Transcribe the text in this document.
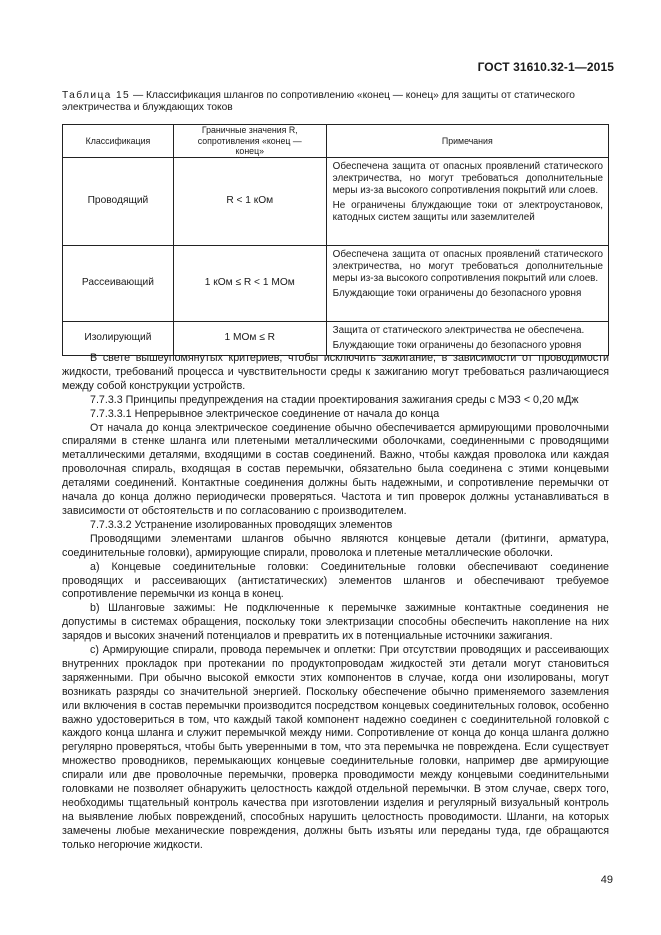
ГОСТ 31610.32-1—2015
Таблица 15 — Классификация шлангов по сопротивлению «конец — конец» для защиты от статического электричества и блуждающих токов
Классификация	Граничные значения R, сопротивления «конец — конец»	Примечания
Проводящий	R < 1 кОм	Обеспечена защита от опасных проявлений статического электричества, но могут требоваться дополнительные меры из-за высокого сопротивления покрытий или слоев.

Не ограничены блуждающие токи от электроустановок, катодных систем защиты или заземлителей

Рассеивающий	1 кОм ≤ R < 1 МОм	Обеспечена защита от опасных проявлений статического электричества, но могут требоваться дополнительные меры из-за высокого сопротивления покрытий или слоев.

Блуждающие токи ограничены до безопасного уровня

Изолирующий	1 МОм ≤ R	Защита от статического электричества не обеспечена.

Блуждающие токи ограничены до безопасного уровня

В свете вышеупомянутых критериев, чтобы исключить зажигание, в зависимости от проводимости жидкости, требований процесса и чувствительности среды к зажиганию могут требоваться различающиеся между собой конструкции устройств.

7.7.3.3 Принципы предупреждения на стадии проектирования зажигания среды с МЭЗ < 0,20 мДж

7.7.3.3.1 Непрерывное электрическое соединение от начала до конца

От начала до конца электрическое соединение обычно обеспечивается армирующими проволочными спиралями в стенке шланга или плетеными металлическими оболочками, соединенными с проводящими металлическими деталями, входящими в состав соединений. Важно, чтобы каждая проволока или каждая проволочная спираль, входящая в состав перемычки, обязательно была соединена с этими концевыми деталями соединений. Контактные соединения должны быть надежными, и сопротивление перемычки от начала до конца должно периодически проверяться. Частота и тип проверок должны устанавливаться в зависимости от обстоятельств и по согласованию с производителем.

7.7.3.3.2 Устранение изолированных проводящих элементов

Проводящими элементами шлангов обычно являются концевые детали (фитинги, арматура, соединительные головки), армирующие спирали, проволока и плетеные металлические оболочки.

a) Концевые соединительные головки: Соединительные головки обеспечивают соединение проводящих и рассеивающих (антистатических) элементов шлангов и обеспечивают требуемое сопротивление перемычки из конца в конец.

b) Шланговые зажимы: Не подключенные к перемычке зажимные контактные соединения не допустимы в системах обращения, поскольку токи электризации способны обеспечить накопление на них зарядов и высоких значений потенциалов и превратить их в потенциальные источники зажигания.

c) Армирующие спирали, провода перемычек и оплетки: При отсутствии проводящих и рассеивающих внутренних прокладок при протекании по продуктопроводам жидкостей эти детали могут становиться заряженными. При обычно высокой емкости этих компонентов в случае, когда они изолированы, могут возникать разряды со значительной энергией. Поскольку обеспечение обычно применяемого заземления или включения в состав перемычки производится посредством концевых соединительных головок, особенно важно удостовериться в том, что каждый такой компонент надежно соединен с соединительной головкой с каждого конца шланга и служит перемычкой между ними. Сопротивление от конца до конца шланга должно регулярно проверяться, чтобы быть уверенными в том, что эта перемычка не повреждена. Если существует множество проводников, перемыкающих концевые соединительные головки, например две армирующие спирали или две проволочные перемычки, проверка проводимости между концевыми соединительными головками не позволяет обнаружить целостность каждой отдельной перемычки. В этом случае, сверх того, необходимы тщательный контроль качества при изготовлении изделия и регулярный визуальный контроль на выявление любых повреждений, способных нарушить целостность проводимости. Шланги, на которых замечены любые механические повреждения, должны быть изъяты или переданы туда, где обращаются только негорючие жидкости.

49
